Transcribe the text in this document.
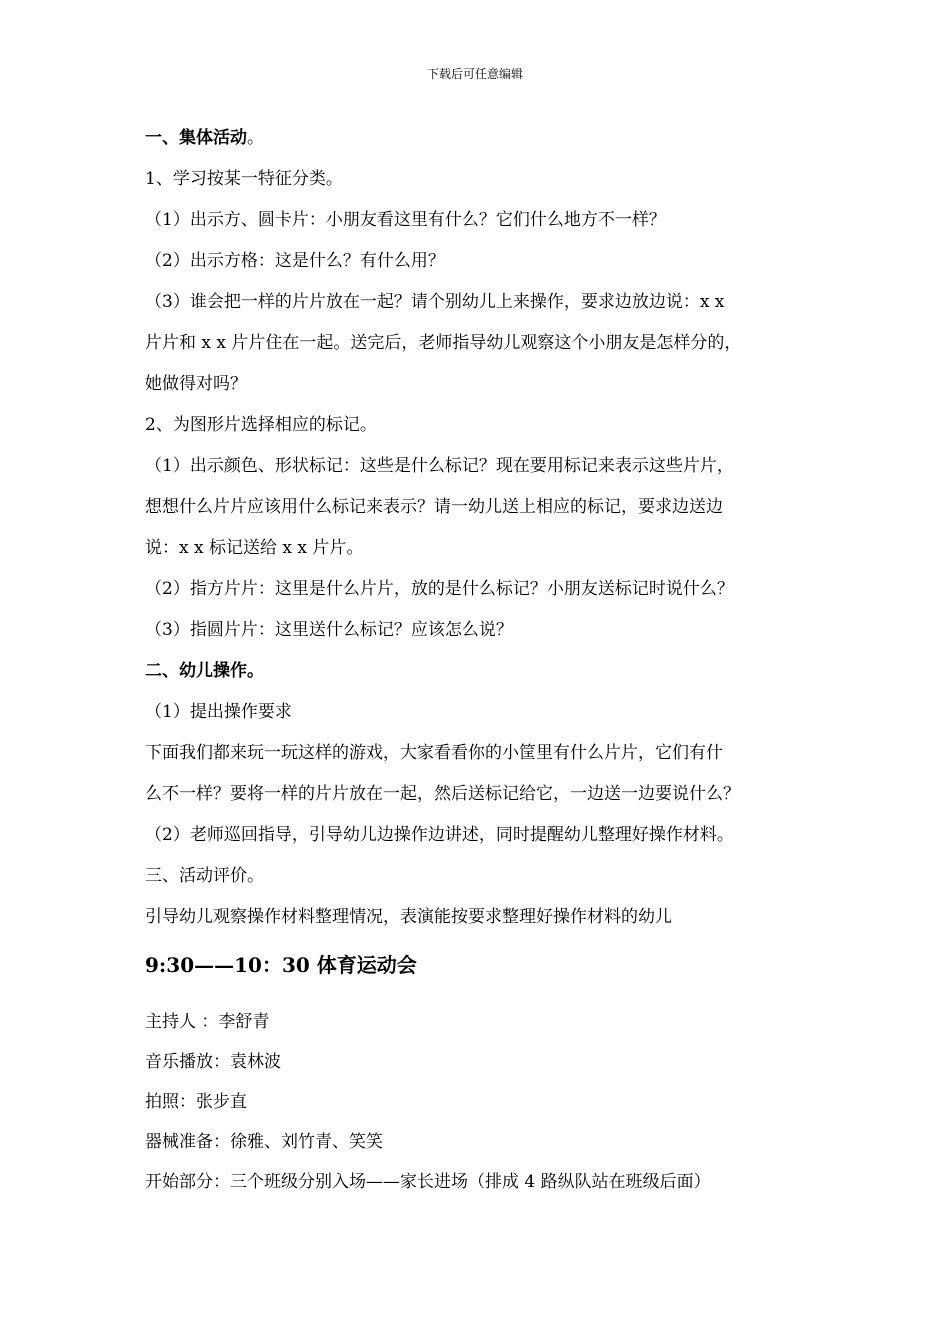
下载后可任意编辑
一、集体活动。
1、学习按某一特征分类。
（1）出示方、圆卡片：小朋友看这里有什么？它们什么地方不一样？
（2）出示方格：这是什么？有什么用？
（3）谁会把一样的片片放在一起？请个别幼儿上来操作，要求边放边说：x x
片片和 x x 片片住在一起。送完后，老师指导幼儿观察这个小朋友是怎样分的，
她做得对吗？
2、为图形片选择相应的标记。
（1）出示颜色、形状标记：这些是什么标记？现在要用标记来表示这些片片，
想想什么片片应该用什么标记来表示？请一幼儿送上相应的标记，要求边送边
说：x x 标记送给 x x 片片。
（2）指方片片：这里是什么片片，放的是什么标记？小朋友送标记时说什么？
（3）指圆片片：这里送什么标记？应该怎么说？
二、幼儿操作。
（1）提出操作要求
下面我们都来玩一玩这样的游戏，大家看看你的小筐里有什么片片，它们有什
么不一样？要将一样的片片放在一起，然后送标记给它，一边送一边要说什么？
（2）老师巡回指导，引导幼儿边操作边讲述，同时提醒幼儿整理好操作材料。
三、活动评价。
引导幼儿观察操作材料整理情况，表演能按要求整理好操作材料的幼儿
9:30——10：30 体育运动会
主持人 ：李舒青
音乐播放：袁林波
拍照：张步直
器械准备：徐雅、刘竹青、笑笑
开始部分：三个班级分别入场——家长进场（排成 4 路纵队站在班级后面）
